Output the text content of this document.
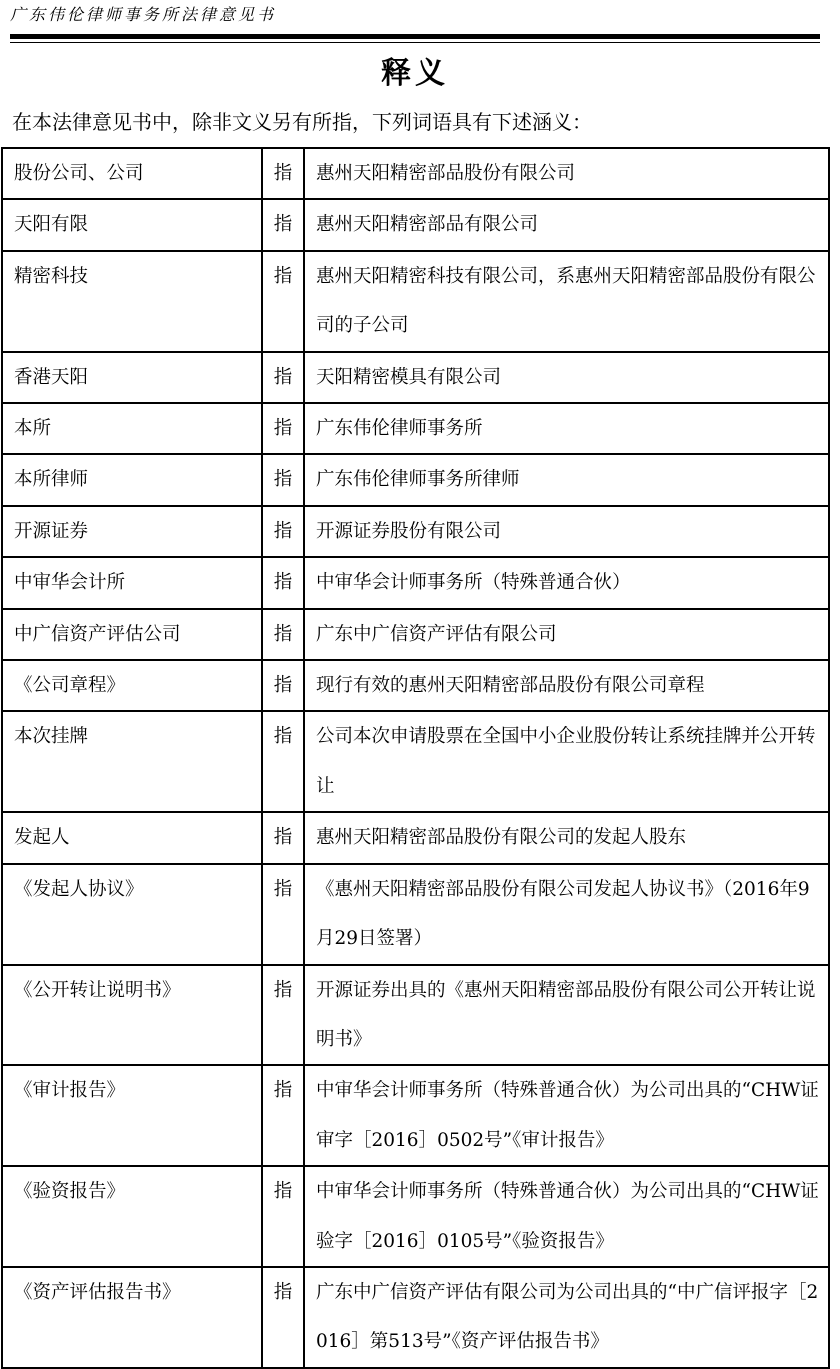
广东伟伦律师事务所法律意见书
释义
在本法律意见书中，除非文义另有所指，下列词语具有下述涵义：
股份公司、公司	指	惠州天阳精密部品股份有限公司
天阳有限	指	惠州天阳精密部品有限公司
精密科技	指	惠州天阳精密科技有限公司，系惠州天阳精密部品股份有限公司的子公司
香港天阳	指	天阳精密模具有限公司
本所	指	广东伟伦律师事务所
本所律师	指	广东伟伦律师事务所律师
开源证券	指	开源证券股份有限公司
中审华会计所	指	中审华会计师事务所（特殊普通合伙）
中广信资产评估公司	指	广东中广信资产评估有限公司
《公司章程》	指	现行有效的惠州天阳精密部品股份有限公司章程
本次挂牌	指	公司本次申请股票在全国中小企业股份转让系统挂牌并公开转让
发起人	指	惠州天阳精密部品股份有限公司的发起人股东
《发起人协议》	指	《惠州天阳精密部品股份有限公司发起人协议书》（2016年9月29日签署）
《公开转让说明书》	指	开源证券出具的《惠州天阳精密部品股份有限公司公开转让说明书》
《审计报告》	指	中审华会计师事务所（特殊普通合伙）为公司出具的“CHW证审字［2016］0502号”《审计报告》
《验资报告》	指	中审华会计师事务所（特殊普通合伙）为公司出具的“CHW证验字［2016］0105号”《验资报告》
《资产评估报告书》	指	广东中广信资产评估有限公司为公司出具的“中广信评报字［2016］第513号”《资产评估报告书》
